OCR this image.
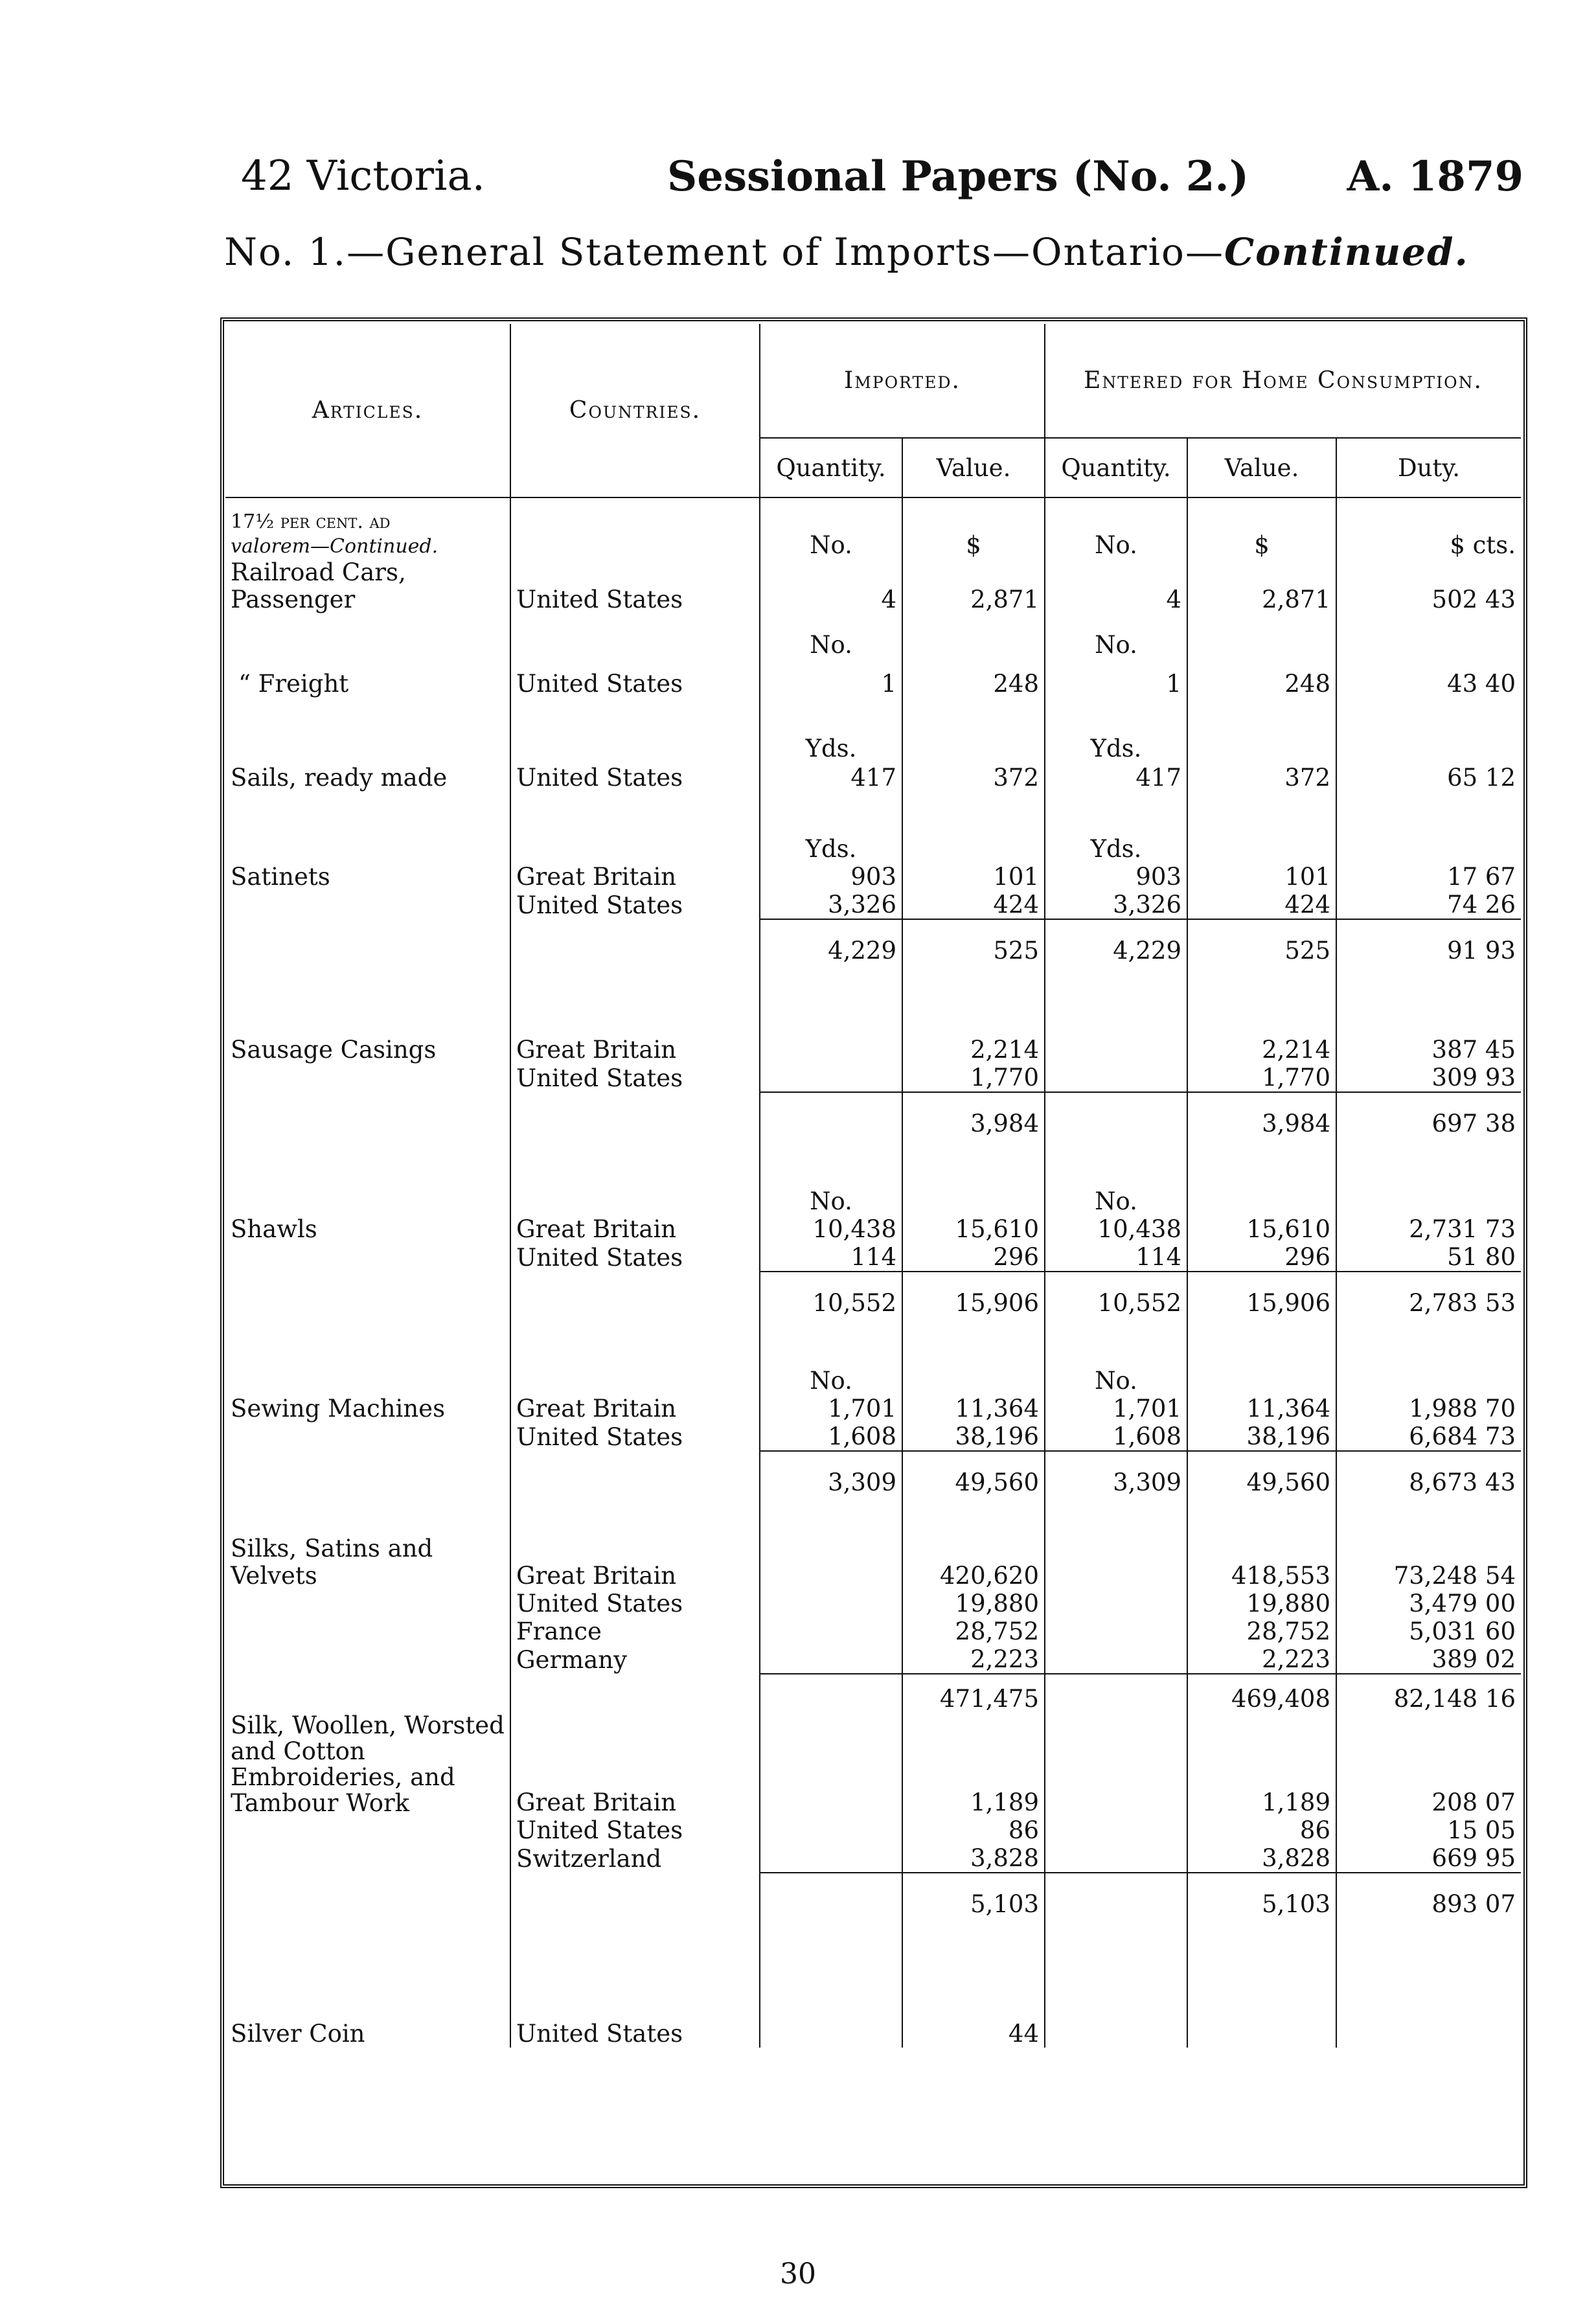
42 Victoria.	Sessional Papers (No. 2.) A. 1879
No. 1.—General Statement of Imports—Ontario—Continued.
Articles.	Countries.	Imported.		Entered for Home Consumption.		
		Quantity.	Value.	Quantity.	Value.	Duty.
17½ per cent. ad
valorem—Continued.		No.	$	No.	$	$ cts.
Railroad Cars, Passenger	United States	4	2,871	4	2,871	502 43
		No.		No.		
“ Freight	United States	1	248	1	248	43 40
		Yds.		Yds.		
Sails, ready made	United States	417	372	417	372	65 12
		Yds.		Yds.		
Satinets	Great Britain	903	101	903	101	17 67
	United States	3,326	424	3,326	424	74 26
		4,229	525	4,229	525	91 93

Sausage Casings	Great Britain		2,214		2,214	387 45
	United States		1,770		1,770	309 93
			3,984		3,984	697 38
		No.		No.		
Shawls	Great Britain	10,438	15,610	10,438	15,610	2,731 73
	United States	114	296	114	296	51 80
		10,552	15,906	10,552	15,906	2,783 53
		No.		No.		
Sewing Machines	Great Britain	1,701	11,364	1,701	11,364	1,988 70
	United States	1,608	38,196	1,608	38,196	6,684 73
		3,309	49,560	3,309	49,560	8,673 43

Silks, Satins and Velvets	Great Britain		420,620		418,553	73,248 54
	United States		19,880		19,880	3,479 00
	France		28,752		28,752	5,031 60
	Germany		2,223		2,223	389 02
			471,475		469,408	82,148 16
Silk, Woollen, Worsted and Cotton Embroideries, and Tambour Work	Great Britain		1,189		1,189	208 07
	United States		86		86	15 05
	Switzerland		3,828		3,828	669 95
			5,103		5,103	893 07

Silver Coin	United States		44			
30
